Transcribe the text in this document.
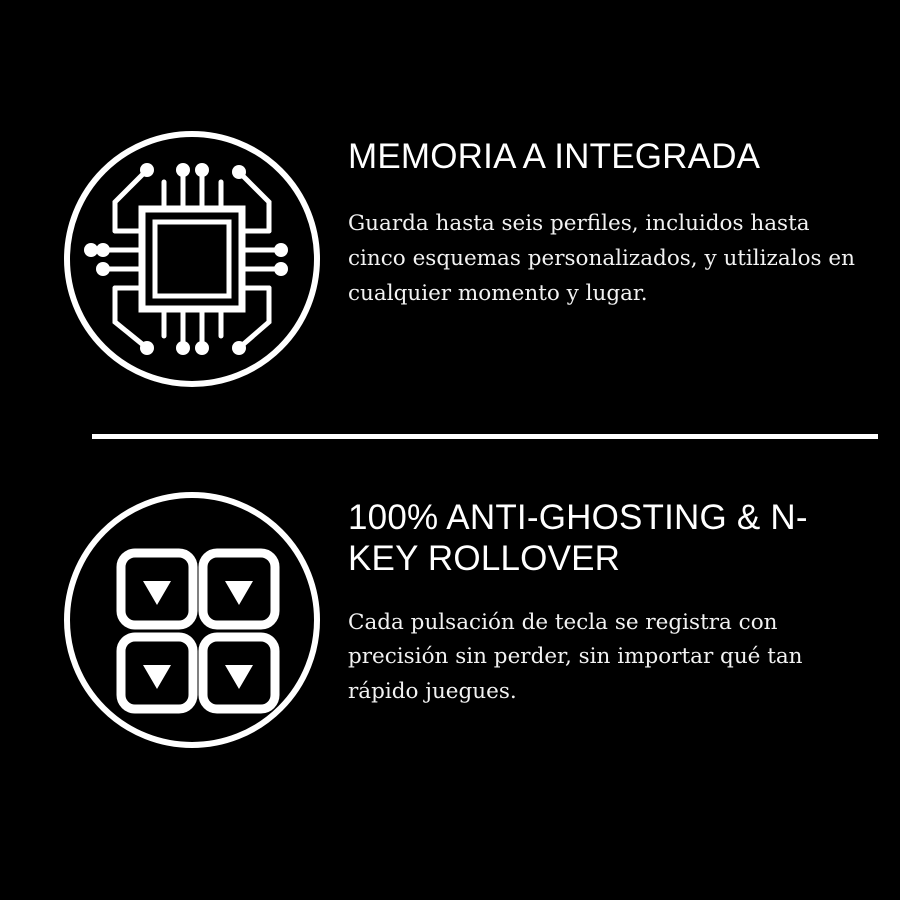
MEMORIA A INTEGRADA

Guarda hasta seis perfiles, incluidos hasta cinco esquemas personalizados, y utilizalos en cualquier momento y lugar.

100% ANTI-GHOSTING & N-KEY ROLLOVER

Cada pulsación de tecla se registra con precisión sin perder, sin importar qué tan rápido juegues.
